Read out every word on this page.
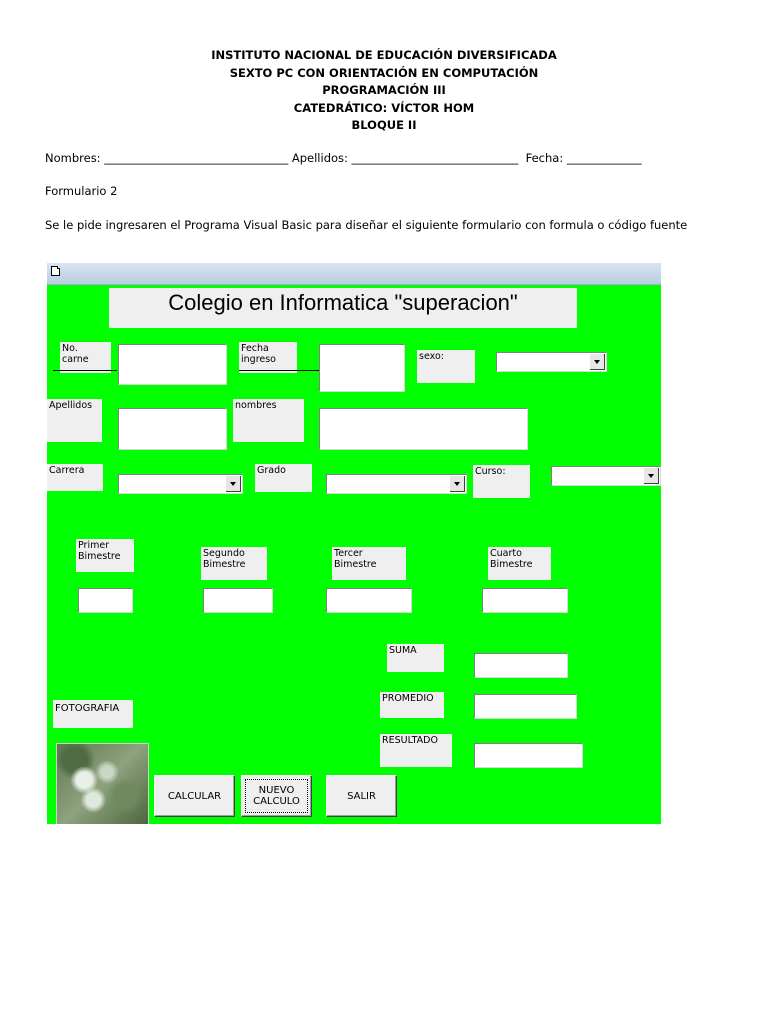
INSTITUTO NACIONAL DE EDUCACIÓN DIVERSIFICADA
SEXTO PC CON ORIENTACIÓN EN COMPUTACIÓN
PROGRAMACIÓN III
CATEDRÁTICO: VÍCTOR HOM
BLOQUE II
Nombres: ________________________________ Apellidos: _____________________________  Fecha: _____________
Formulario 2
Se le pide ingresaren el Programa Visual Basic para diseñar el siguiente formulario con formula o código fuente
Colegio en Informatica "superacion"
No.
carne
Fecha
ingreso	sexo:
Apellidos	nombres
Carrera	Grado	Curso:
Primer
Bimestre	Segundo
Bimestre
Tercer
Bimestre
Cuarto
Bimestre
SUMA
PROMEDIO
RESULTADO
FOTOGRAFIA
CALCULAR	NUEVO
CALCULO	SALIR
